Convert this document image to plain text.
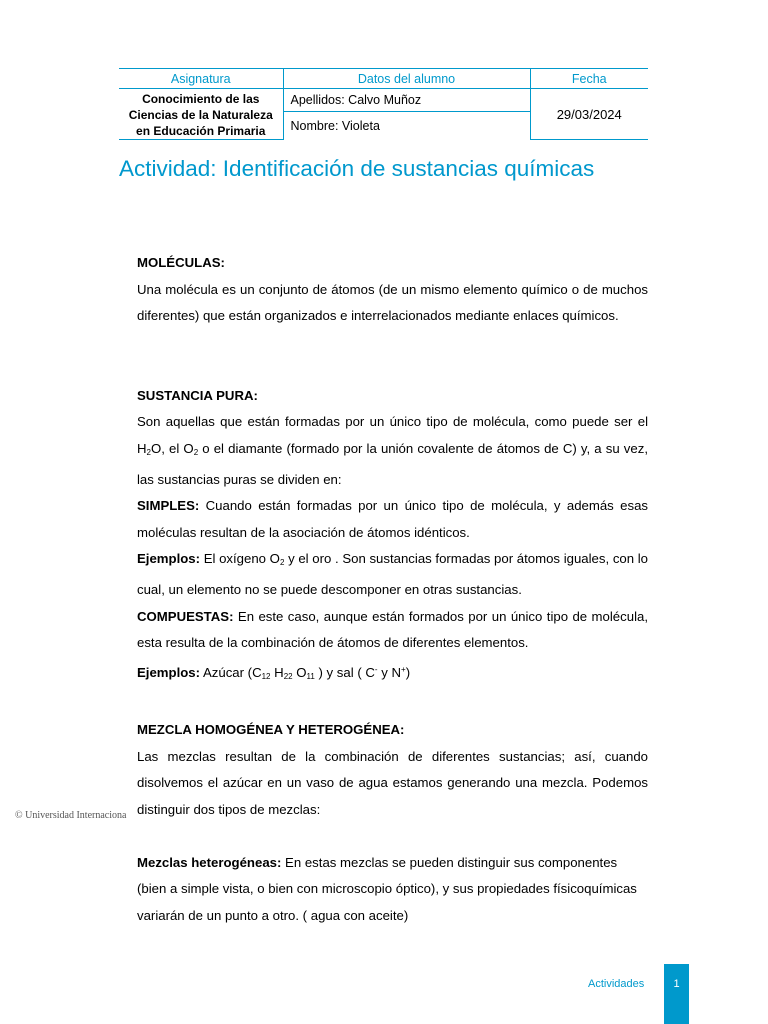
Asignatura	Datos del alumno	Fecha
Conocimiento de las Ciencias de la Naturaleza en Educación Primaria	Apellidos: Calvo Muñoz	29/03/2024
	Nombre: Violeta	
Actividad: Identificación de sustancias químicas

MOLÉCULAS:

Una molécula es un conjunto de átomos (de un mismo elemento químico o de muchos diferentes) que están organizados e interrelacionados mediante enlaces químicos.

SUSTANCIA PURA:

Son aquellas que están formadas por un único tipo de molécula, como puede ser el $H_2O$, el $O_2$ o el diamante (formado por la unión covalente de átomos de C) y, a su vez, las sustancias puras se dividen en:

SIMPLES: Cuando están formadas por un único tipo de molécula, y además esas moléculas resultan de la asociación de átomos idénticos.

Ejemplos: El oxígeno $O_2$ y el oro . Son sustancias formadas por átomos iguales, con lo cual, un elemento no se puede descomponer en otras sustancias.

COMPUESTAS: En este caso, aunque están formados por un único tipo de molécula, esta resulta de la combinación de átomos de diferentes elementos.

Ejemplos: Azúcar ($C_{12}$ $H_{22}$ $O_{11}$ ) y sal ( C- y N+)

MEZCLA HOMOGÉNEA Y HETEROGÉNEA:

Las mezclas resultan de la combinación de diferentes sustancias; así, cuando disolvemos el azúcar en un vaso de agua estamos generando una mezcla. Podemos distinguir dos tipos de mezclas:

Mezclas heterogéneas: En estas mezclas se pueden distinguir sus componentes (bien a simple vista, o bien con microscopio óptico), y sus propiedades físicoquímicas variarán de un punto a otro. ( agua con aceite)

© Universidad Internaciona
Actividades	1
